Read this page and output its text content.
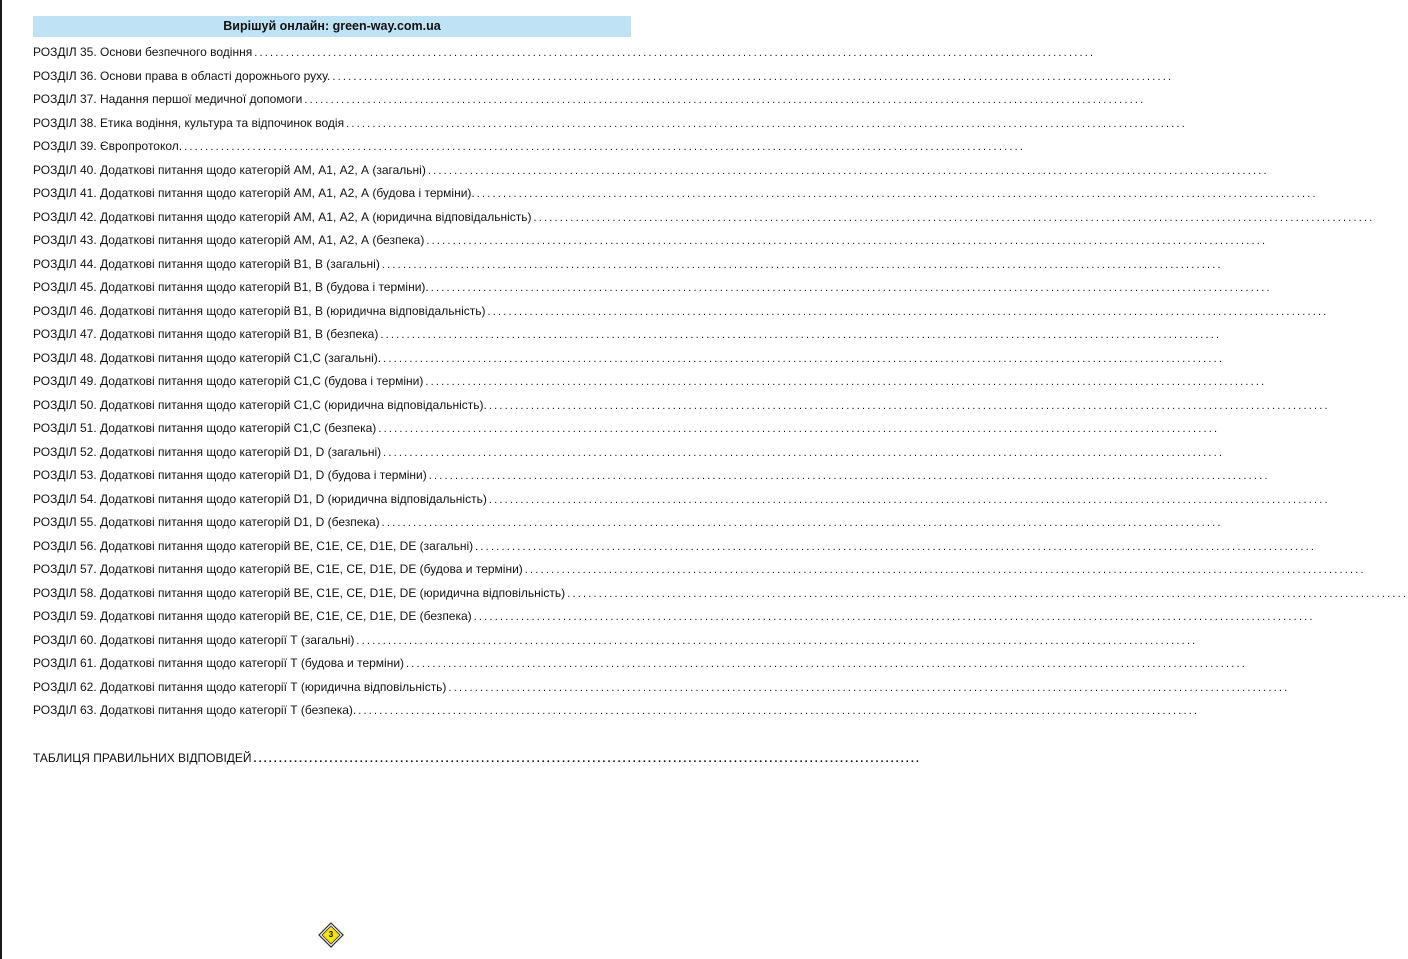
Вирішуй онлайн: green-way.com.ua
РОЗДІЛ 35. Основи безпечного водіння ................................................................................................................................................................
РОЗДІЛ 36. Основи права в області дорожнього руху. ................................................................................................................................................................
РОЗДІЛ 37. Надання першої медичної допомоги ................................................................................................................................................................
РОЗДІЛ 38. Етика водіння, культура та відпочинок водія ................................................................................................................................................................
РОЗДІЛ 39. Європротокол. ................................................................................................................................................................
РОЗДІЛ 40. Додаткові питання щодо категорій АМ, А1, А2, А (загальні) ................................................................................................................................................................
РОЗДІЛ 41. Додаткові питання щодо категорій АМ, А1, А2, А (будова і терміни). ................................................................................................................................................................
РОЗДІЛ 42. Додаткові питання щодо категорій АМ, А1, А2, А (юридична відповідальність) ................................................................................................................................................................
РОЗДІЛ 43. Додаткові питання щодо категорій АМ, А1, А2, А (безпека) ................................................................................................................................................................
РОЗДІЛ 44. Додаткові питання щодо категорій В1, В (загальні) ................................................................................................................................................................
РОЗДІЛ 45. Додаткові питання щодо категорій В1, В (будова і терміни). ................................................................................................................................................................
РОЗДІЛ 46. Додаткові питання щодо категорій В1, В (юридична відповідальність) ................................................................................................................................................................
РОЗДІЛ 47. Додаткові питання щодо категорій В1, В (безпека) ................................................................................................................................................................
РОЗДІЛ 48. Додаткові питання щодо категорій С1,С (загальні). ................................................................................................................................................................
РОЗДІЛ 49. Додаткові питання щодо категорій С1,С (будова і терміни) ................................................................................................................................................................
РОЗДІЛ 50. Додаткові питання щодо категорій С1,С (юридична відповідальність). ................................................................................................................................................................
РОЗДІЛ 51. Додаткові питання щодо категорій С1,С (безпека) ................................................................................................................................................................
РОЗДІЛ 52. Додаткові питання щодо категорій D1, D (загальні) ................................................................................................................................................................
РОЗДІЛ 53. Додаткові питання щодо категорій D1, D (будова і терміни) ................................................................................................................................................................
РОЗДІЛ 54. Додаткові питання щодо категорій D1, D (юридична відповідальність) ................................................................................................................................................................
РОЗДІЛ 55. Додаткові питання щодо категорій D1, D (безпека) ................................................................................................................................................................
РОЗДІЛ 56. Додаткові питання щодо категорій ВЕ, С1Е, СЕ, D1E, DE (загальні) ................................................................................................................................................................
РОЗДІЛ 57. Додаткові питання щодо категорій ВЕ, С1Е, СЕ, D1E, DE (будова и терміни) ................................................................................................................................................................
РОЗДІЛ 58. Додаткові питання щодо категорій ВЕ, С1Е, СЕ, D1E, DE (юридична відповільність) ................................................................................................................................................................
РОЗДІЛ 59. Додаткові питання щодо категорій ВЕ, С1Е, СЕ, D1E, DE (безпека) ................................................................................................................................................................
РОЗДІЛ 60. Додаткові питання щодо категорії Т (загальні) ................................................................................................................................................................
РОЗДІЛ 61. Додаткові питання щодо категорії Т (будова и терміни) ................................................................................................................................................................
РОЗДІЛ 62. Додаткові питання щодо категорії Т (юридична відповільність) ................................................................................................................................................................
РОЗДІЛ 63. Додаткові питання щодо категорії Т (безпека). ................................................................................................................................................................
ТАБЛИЦЯ ПРАВИЛЬНИХ ВІДПОВІДЕЙ ....................................................................................................................................
3
